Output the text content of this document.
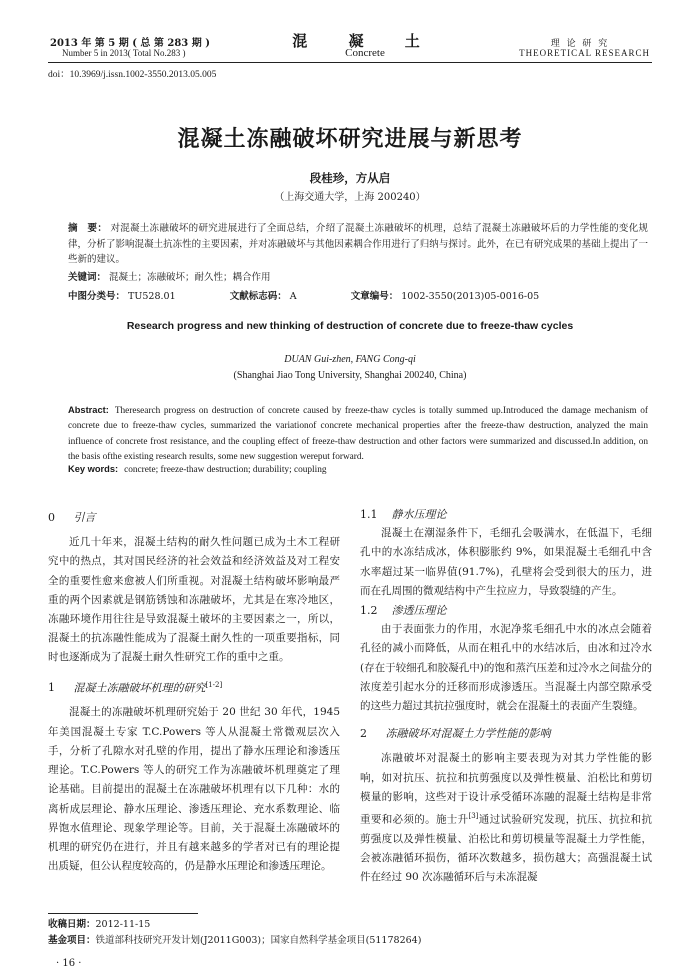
2013 年 第 5 期 ( 总 第 283 期 )
Number 5 in 2013( Total No.283 )
混 凝 土
Concrete
理 论 研 究
THEORETICAL RESEARCH
doi：10.3969/j.issn.1002-3550.2013.05.005
混凝土冻融破坏研究进展与新思考
段桂珍，方从启
（上海交通大学，上海 200240）
摘　要： 对混凝土冻融破坏的研究进展进行了全面总结，介绍了混凝土冻融破坏的机理，总结了混凝土冻融破坏后的力学性能的变化规律，分析了影响混凝土抗冻性的主要因素，并对冻融破坏与其他因素耦合作用进行了归纳与探讨。此外，在已有研究成果的基础上提出了一些新的建议。
关键词： 混凝土；冻融破坏；耐久性；耦合作用
中图分类号： TU528.01	文献标志码： A	文章编号： 1002-3550(2013)05-0016-05
Research progress and new thinking of destruction of concrete due to freeze-thaw cycles
DUAN Gui-zhen, FANG Cong-qi
(Shanghai Jiao Tong University, Shanghai 200240, China)
Abstract: Theresearch progress on destruction of concrete caused by freeze-thaw cycles is totally summed up.Introduced the damage mechanism of concrete due to freeze-thaw cycles, summarized the variationof concrete mechanical properties after the freeze-thaw destruction, analyzed the main influence of concrete frost resistance, and the coupling effect of freeze-thaw destruction and other factors were summarized and discussed.In addition, on the basis ofthe existing research results, some new suggestion wereput forward.
Key words: concrete; freeze-thaw destruction; durability; coupling
0 引言

近几十年来，混凝土结构的耐久性问题已成为土木工程研究中的热点，其对国民经济的社会效益和经济效益及对工程安全的重要性愈来愈被人们所重视。对混凝土结构破坏影响最严重的两个因素就是钢筋锈蚀和冻融破坏，尤其是在寒冷地区，冻融环境作用往往是导致混凝土破坏的主要因素之一，所以，混凝土的抗冻融性能成为了混凝土耐久性的一项重要指标，同时也逐渐成为了混凝土耐久性研究工作的重中之重。

1 混凝土冻融破坏机理的研究[1-2]

混凝土的冻融破坏机理研究始于 20 世纪 30 年代，1945 年美国混凝土专家 T.C.Powers 等人从混凝土常微观层次入手，分析了孔隙水对孔壁的作用，提出了静水压理论和渗透压理论。T.C.Powers 等人的研究工作为冻融破坏机理奠定了理论基础。目前提出的混凝土在冻融破坏机理有以下几种：水的离析成层理论、静水压理论、渗透压理论、充水系数理论、临界饱水值理论、现象学理论等。目前，关于混凝土冻融破坏的机理的研究仍在进行，并且有越来越多的学者对已有的理论提出质疑，但公认程度较高的，仍是静水压理论和渗透压理论。

1.1 静水压理论

混凝土在潮湿条件下，毛细孔会吸满水，在低温下，毛细孔中的水冻结成冰，体积膨胀约 9%，如果混凝土毛细孔中含水率超过某一临界值(91.7%)，孔壁将会受到很大的压力，进而在孔周围的微观结构中产生拉应力，导致裂缝的产生。

1.2 渗透压理论

由于表面张力的作用，水泥净浆毛细孔中水的冰点会随着孔径的减小而降低，从而在粗孔中的水结冰后，由冰和过冷水(存在于较细孔和胶凝孔中)的饱和蒸汽压差和过冷水之间盐分的浓度差引起水分的迁移而形成渗透压。当混凝土内部空隙承受的这些力超过其抗拉强度时，就会在混凝土的表面产生裂缝。

2 冻融破坏对混凝土力学性能的影响

冻融破坏对混凝土的影响主要表现为对其力学性能的影响，如对抗压、抗拉和抗剪强度以及弹性模量、泊松比和剪切模量的影响，这些对于设计承受循环冻融的混凝土结构是非常重要和必须的。施士升[3]通过试验研究发现，抗压、抗拉和抗剪强度以及弹性模量、泊松比和剪切模量等混凝土力学性能，会被冻融循环损伤，循环次数越多，损伤越大；高强混凝土试件在经过 90 次冻融循环后与未冻混凝

收稿日期：2012-11-15
基金项目：铁道部科技研究开发计划(J2011G003)；国家自然科学基金项目(51178264)
· 16 ·
